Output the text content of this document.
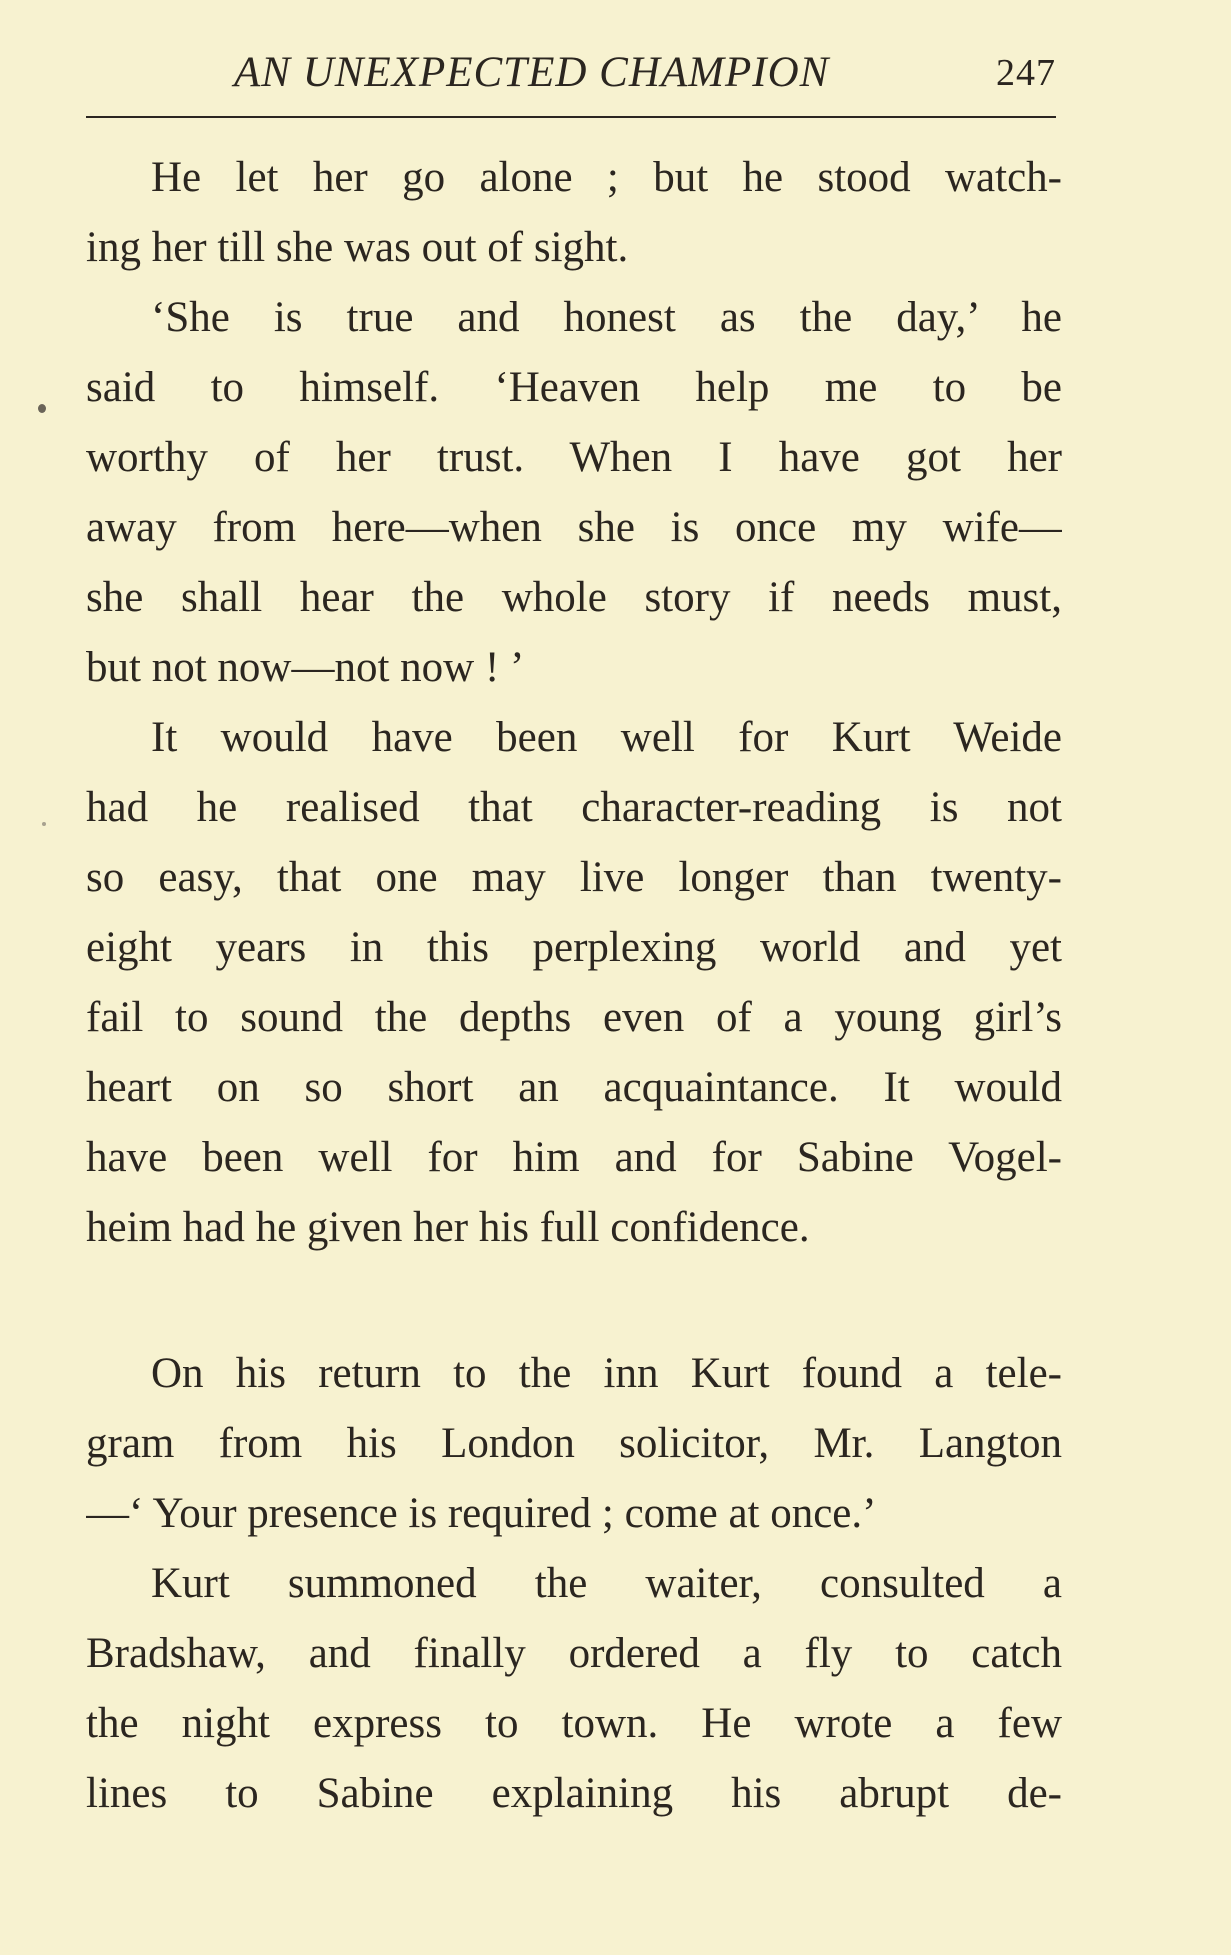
AN UNEXPECTED CHAMPION	247
He let her go alone ; but he stood watch-
ing her till she was out of sight.
‘She is true and honest as the day,’ he
said to himself. ‘Heaven help me to be
worthy of her trust. When I have got her
away from here—when she is once my wife—
she shall hear the whole story if needs must,
but not now—not now ! ’
It would have been well for Kurt Weide
had he realised that character-reading is not
so easy, that one may live longer than twenty-
eight years in this perplexing world and yet
fail to sound the depths even of a young girl’s
heart on so short an acquaintance. It would
have been well for him and for Sabine Vogel-
heim had he given her his full confidence.
On his return to the inn Kurt found a tele-
gram from his London solicitor, Mr. Langton
—‘ Your presence is required ; come at once.’
Kurt summoned the waiter, consulted a
Bradshaw, and finally ordered a fly to catch
the night express to town. He wrote a few
lines to Sabine explaining his abrupt de-
